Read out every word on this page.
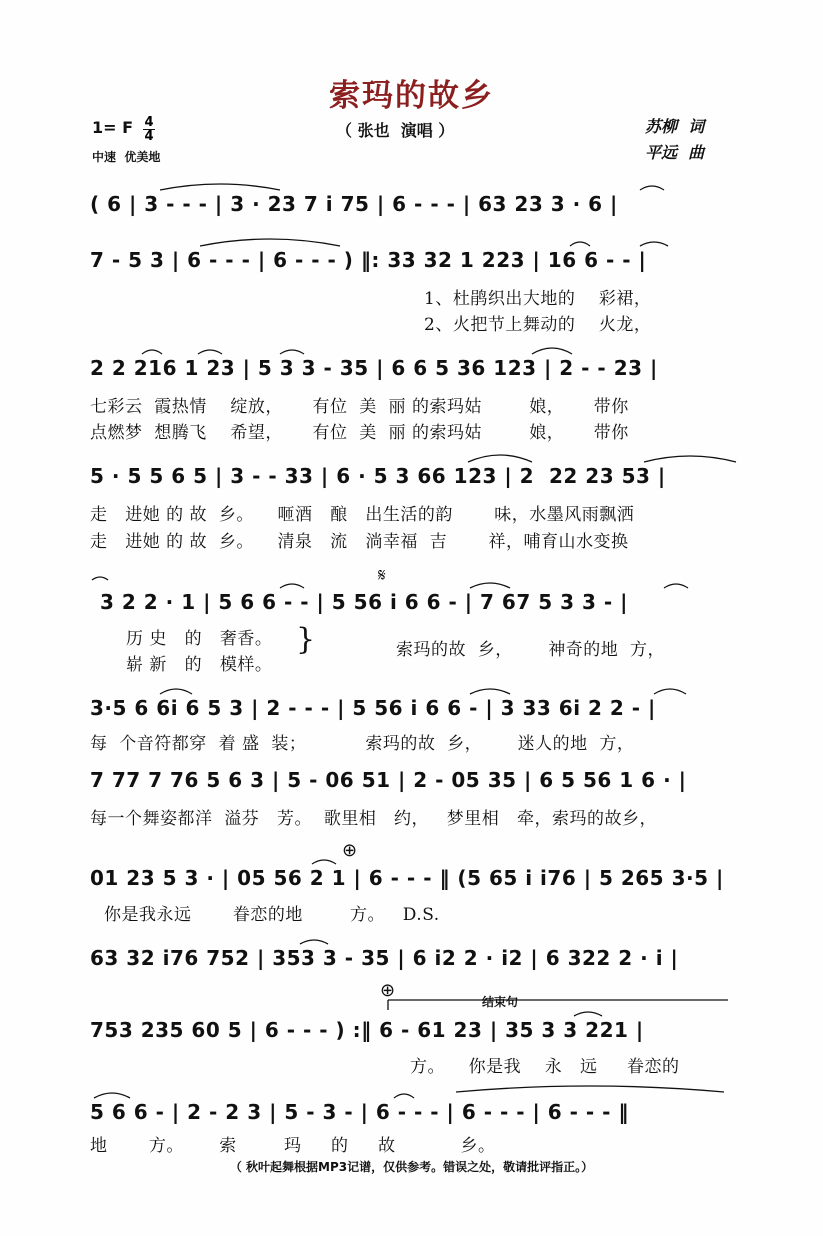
索玛的故乡
1= F $\frac{4}{4}$
中速  优美地
（ 张也  演唱 ）	苏柳  词
平远  曲
( 6 | 3 - - - | 3 · 23 7 i 75 | 6 - - - | 63 23 3 · 6 |
7 - 5 3 | 6 - - - | 6 - - - ) ‖: 33 32 1 223 | 16 6 - - |
1、杜鹃织出大地的    彩裙，
2、火把节上舞动的    火龙，
2 2 216 1 23 | 5 3 3 - 35 | 6 6 5 36 123 | 2 - - 23 |
七彩云  霞热情    绽放，     有位  美  丽 的索玛姑        娘，     带你
点燃梦  想腾飞    希望，     有位  美  丽 的索玛姑        娘，     带你
5 · 5 5 6 5 | 3 - - 33 | 6 · 5 3 66 123 | 2  22 23 53 |
走   进她 的 故  乡。    咂酒   酿   出生活的韵       味，水墨风雨飘洒
走   进她 的 故  乡。    清泉   流   淌幸福  吉       祥，哺育山水变换
𝄋
3 2 2 · 1 | 5 6 6 - - | 5 56 i 6 6 - | 7 67 5 3 3 - |
历 史   的   奢香。
崭 新   的   模样。
}	索玛的故  乡，      神奇的地  方，
3·5 6 6i 6 5 3 | 2 - - - | 5 56 i 6 6 - | 3 33 6i 2 2 - |
每  个音符都穿  着 盛  装；          索玛的故  乡，      迷人的地  方，
7 77 7 76 5 6 3 | 5 - 06 51 | 2 - 05 35 | 6 5 56 1 6 · |
每一个舞姿都洋  溢芬   芳。  歌里相   约，   梦里相   牵，索玛的故乡，
⊕
01 23 5 3 · | 05 56 2 1 | 6 - - - ‖ (5 65 i i76 | 5 265 3·5 |
你是我永远       眷恋的地        方。   D.S.
63 32 i76 752 | 353 3 - 35 | 6 i2 2 · i2 | 6 322 2 · i |
⊕
结束句
753 235 60 5 | 6 - - - ) :‖ 6 - 61 23 | 35 3 3 221 |
方。    你是我    永   远     眷恋的
5 6 6 - | 2 - 2 3 | 5 - 3 - | 6 - - - | 6 - - - | 6 - - - ‖
地       方。      索        玛     的     故           乡。
（ 秋叶起舞根据MP3记谱，仅供参考。错误之处，敬请批评指正。）
